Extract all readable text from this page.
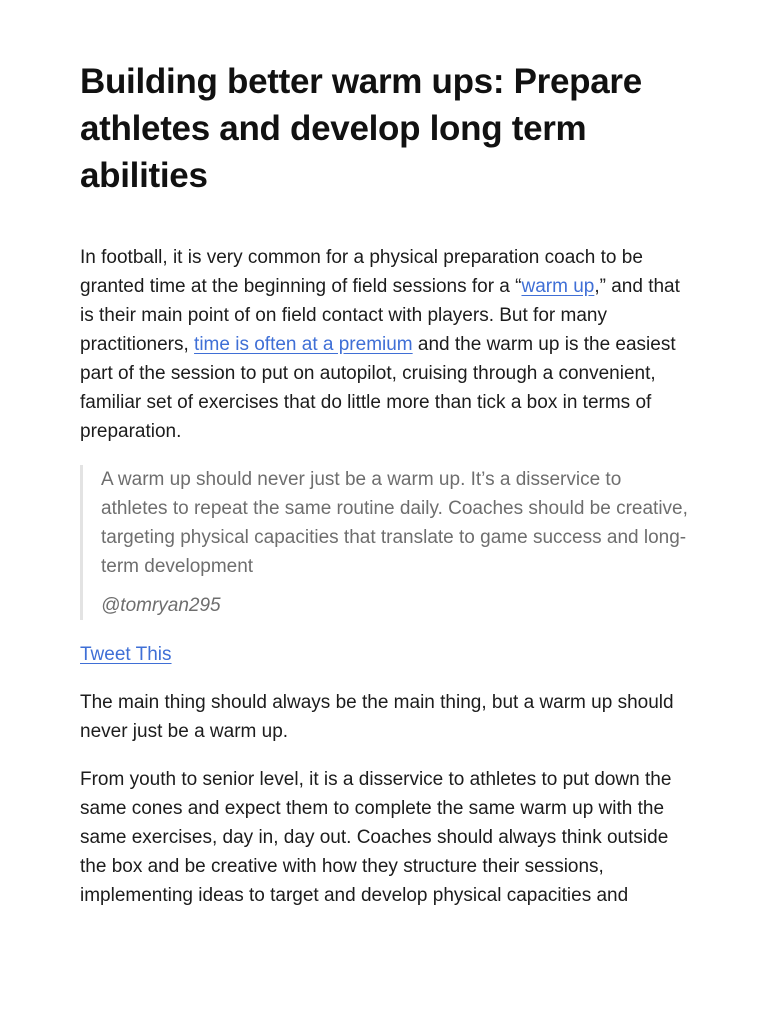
Building better warm ups: Prepare athletes and develop long term abilities

In football, it is very common for a physical preparation coach to be granted time at the beginning of field sessions for a “warm up,” and that is their main point of on field contact with players. But for many practitioners, time is often at a premium and the warm up is the easiest part of the session to put on autopilot, cruising through a convenient, familiar set of exercises that do little more than tick a box in terms of preparation.

A warm up should never just be a warm up. It’s a disservice to athletes to repeat the same routine daily. Coaches should be creative, targeting physical capacities that translate to game success and long-term development

@tomryan295

Tweet This

The main thing should always be the main thing, but a warm up should never just be a warm up.

From youth to senior level, it is a disservice to athletes to put down the same cones and expect them to complete the same warm up with the same exercises, day in, day out. Coaches should always think outside the box and be creative with how they structure their sessions, implementing ideas to target and develop physical capacities and
